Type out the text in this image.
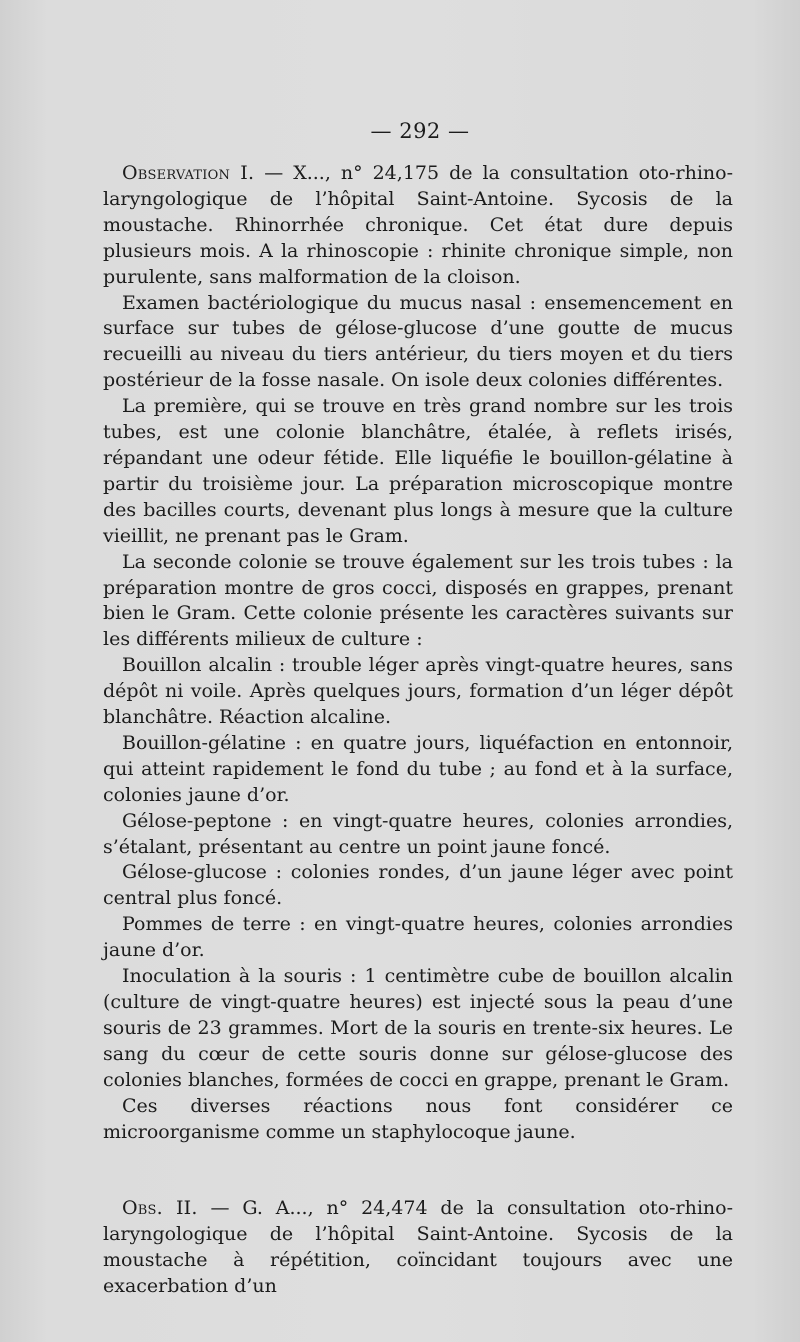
— 292 —

Observation I. — X..., n° 24,175 de la consultation oto-rhino-laryngologique de l’hôpital Saint-Antoine. Sycosis de la moustache. Rhinorrhée chronique. Cet état dure depuis plusieurs mois. A la rhinoscopie : rhinite chronique simple, non purulente, sans malformation de la cloison.

Examen bactériologique du mucus nasal : ensemencement en surface sur tubes de gélose-glucose d’une goutte de mucus recueilli au niveau du tiers antérieur, du tiers moyen et du tiers postérieur de la fosse nasale. On isole deux colonies différentes.

La première, qui se trouve en très grand nombre sur les trois tubes, est une colonie blanchâtre, étalée, à reflets irisés, répandant une odeur fétide. Elle liquéfie le bouillon-gélatine à partir du troisième jour. La préparation microscopique montre des bacilles courts, devenant plus longs à mesure que la culture vieillit, ne prenant pas le Gram.

La seconde colonie se trouve également sur les trois tubes : la préparation montre de gros cocci, disposés en grappes, prenant bien le Gram. Cette colonie présente les caractères suivants sur les différents milieux de culture :

Bouillon alcalin : trouble léger après vingt-quatre heures, sans dépôt ni voile. Après quelques jours, formation d’un léger dépôt blanchâtre. Réaction alcaline.

Bouillon-gélatine : en quatre jours, liquéfaction en entonnoir, qui atteint rapidement le fond du tube ; au fond et à la surface, colonies jaune d’or.

Gélose-peptone : en vingt-quatre heures, colonies arrondies, s’étalant, présentant au centre un point jaune foncé.

Gélose-glucose : colonies rondes, d’un jaune léger avec point central plus foncé.

Pommes de terre : en vingt-quatre heures, colonies arrondies jaune d’or.

Inoculation à la souris : 1 centimètre cube de bouillon alcalin (culture de vingt-quatre heures) est injecté sous la peau d’une souris de 23 grammes. Mort de la souris en trente-six heures. Le sang du cœur de cette souris donne sur gélose-glucose des colonies blanches, formées de cocci en grappe, prenant le Gram.

Ces diverses réactions nous font considérer ce microorganisme comme un staphylocoque jaune.

Obs. II. — G. A..., n° 24,474 de la consultation oto-rhino-laryngologique de l’hôpital Saint-Antoine. Sycosis de la moustache à répétition, coïncidant toujours avec une exacerbation d’un
